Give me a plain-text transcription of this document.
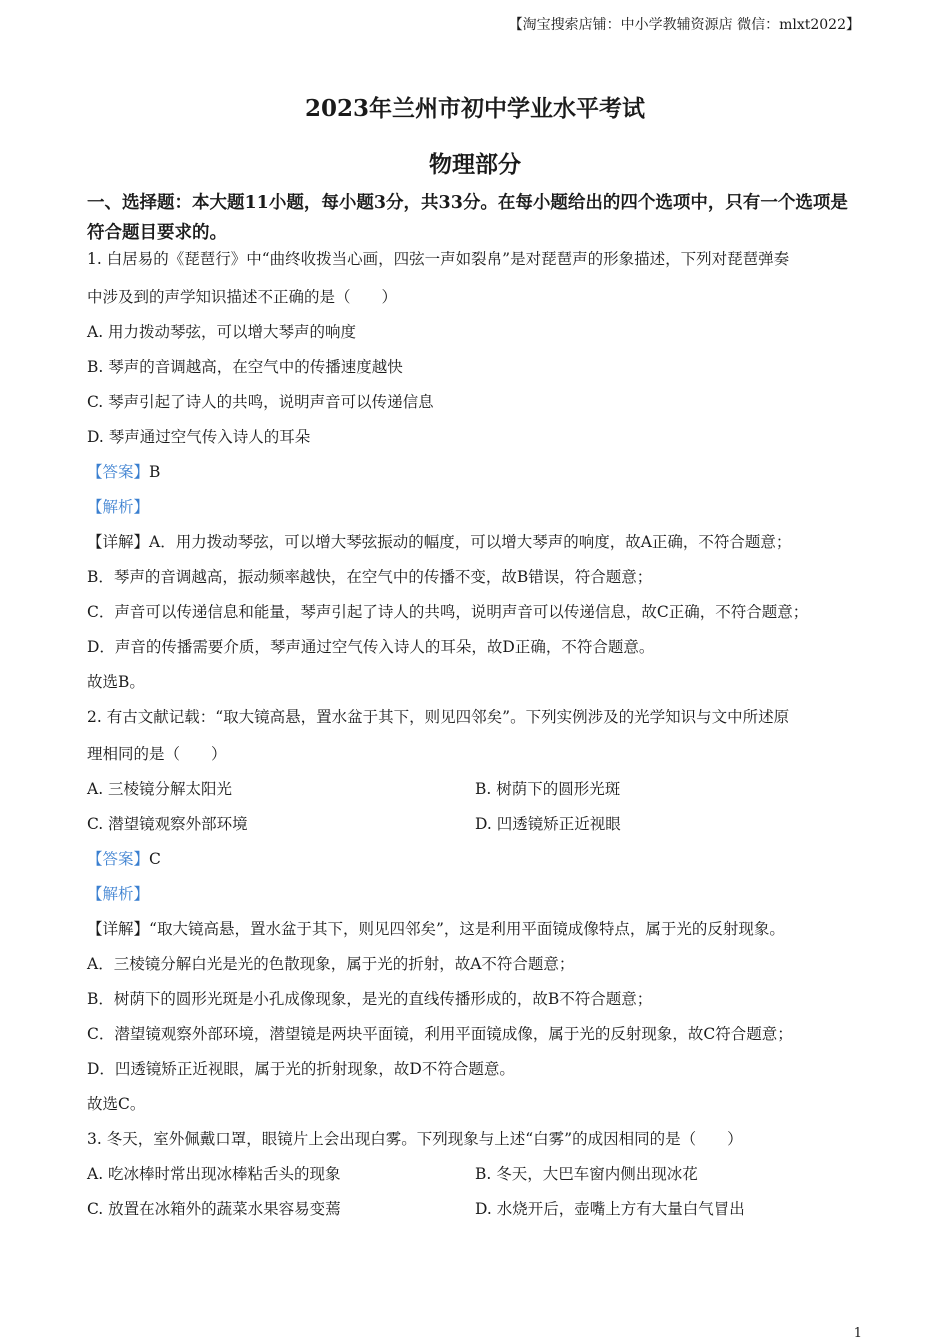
【淘宝搜索店铺：中小学教辅资源店 微信：mlxt2022】
2023年兰州市初中学业水平考试
物理部分
一、选择题：本大题11小题，每小题3分，共33分。在每小题给出的四个选项中，只有一个选项是符合题目要求的。
1. 白居易的《琵琶行》中“曲终收拨当心画，四弦一声如裂帛”是对琵琶声的形象描述，下列对琵琶弹奏
中涉及到的声学知识描述不正确的是（　　）
A. 用力拨动琴弦，可以增大琴声的响度
B. 琴声的音调越高，在空气中的传播速度越快
C. 琴声引起了诗人的共鸣，说明声音可以传递信息
D. 琴声通过空气传入诗人的耳朵
【答案】B
【解析】
【详解】A．用力拨动琴弦，可以增大琴弦振动的幅度，可以增大琴声的响度，故A正确，不符合题意；
B．琴声的音调越高，振动频率越快，在空气中的传播不变，故B错误，符合题意；
C．声音可以传递信息和能量，琴声引起了诗人的共鸣，说明声音可以传递信息，故C正确，不符合题意；
D．声音的传播需要介质，琴声通过空气传入诗人的耳朵，故D正确，不符合题意。
故选B。
2. 有古文献记载：“取大镜高悬，置水盆于其下，则见四邻矣”。下列实例涉及的光学知识与文中所述原
理相同的是（　　）
A. 三棱镜分解太阳光	B. 树荫下的圆形光斑
C. 潜望镜观察外部环境	D. 凹透镜矫正近视眼
【答案】C
【解析】
【详解】“取大镜高悬，置水盆于其下，则见四邻矣”，这是利用平面镜成像特点，属于光的反射现象。
A．三棱镜分解白光是光的色散现象，属于光的折射，故A不符合题意；
B．树荫下的圆形光斑是小孔成像现象，是光的直线传播形成的，故B不符合题意；
C．潜望镜观察外部环境，潜望镜是两块平面镜，利用平面镜成像，属于光的反射现象，故C符合题意；
D．凹透镜矫正近视眼，属于光的折射现象，故D不符合题意。
故选C。
3. 冬天，室外佩戴口罩，眼镜片上会出现白雾。下列现象与上述“白雾”的成因相同的是（　　）
A. 吃冰棒时常出现冰棒粘舌头的现象	B. 冬天，大巴车窗内侧出现冰花
C. 放置在冰箱外的蔬菜水果容易变蔫	D. 水烧开后，壶嘴上方有大量白气冒出
1
